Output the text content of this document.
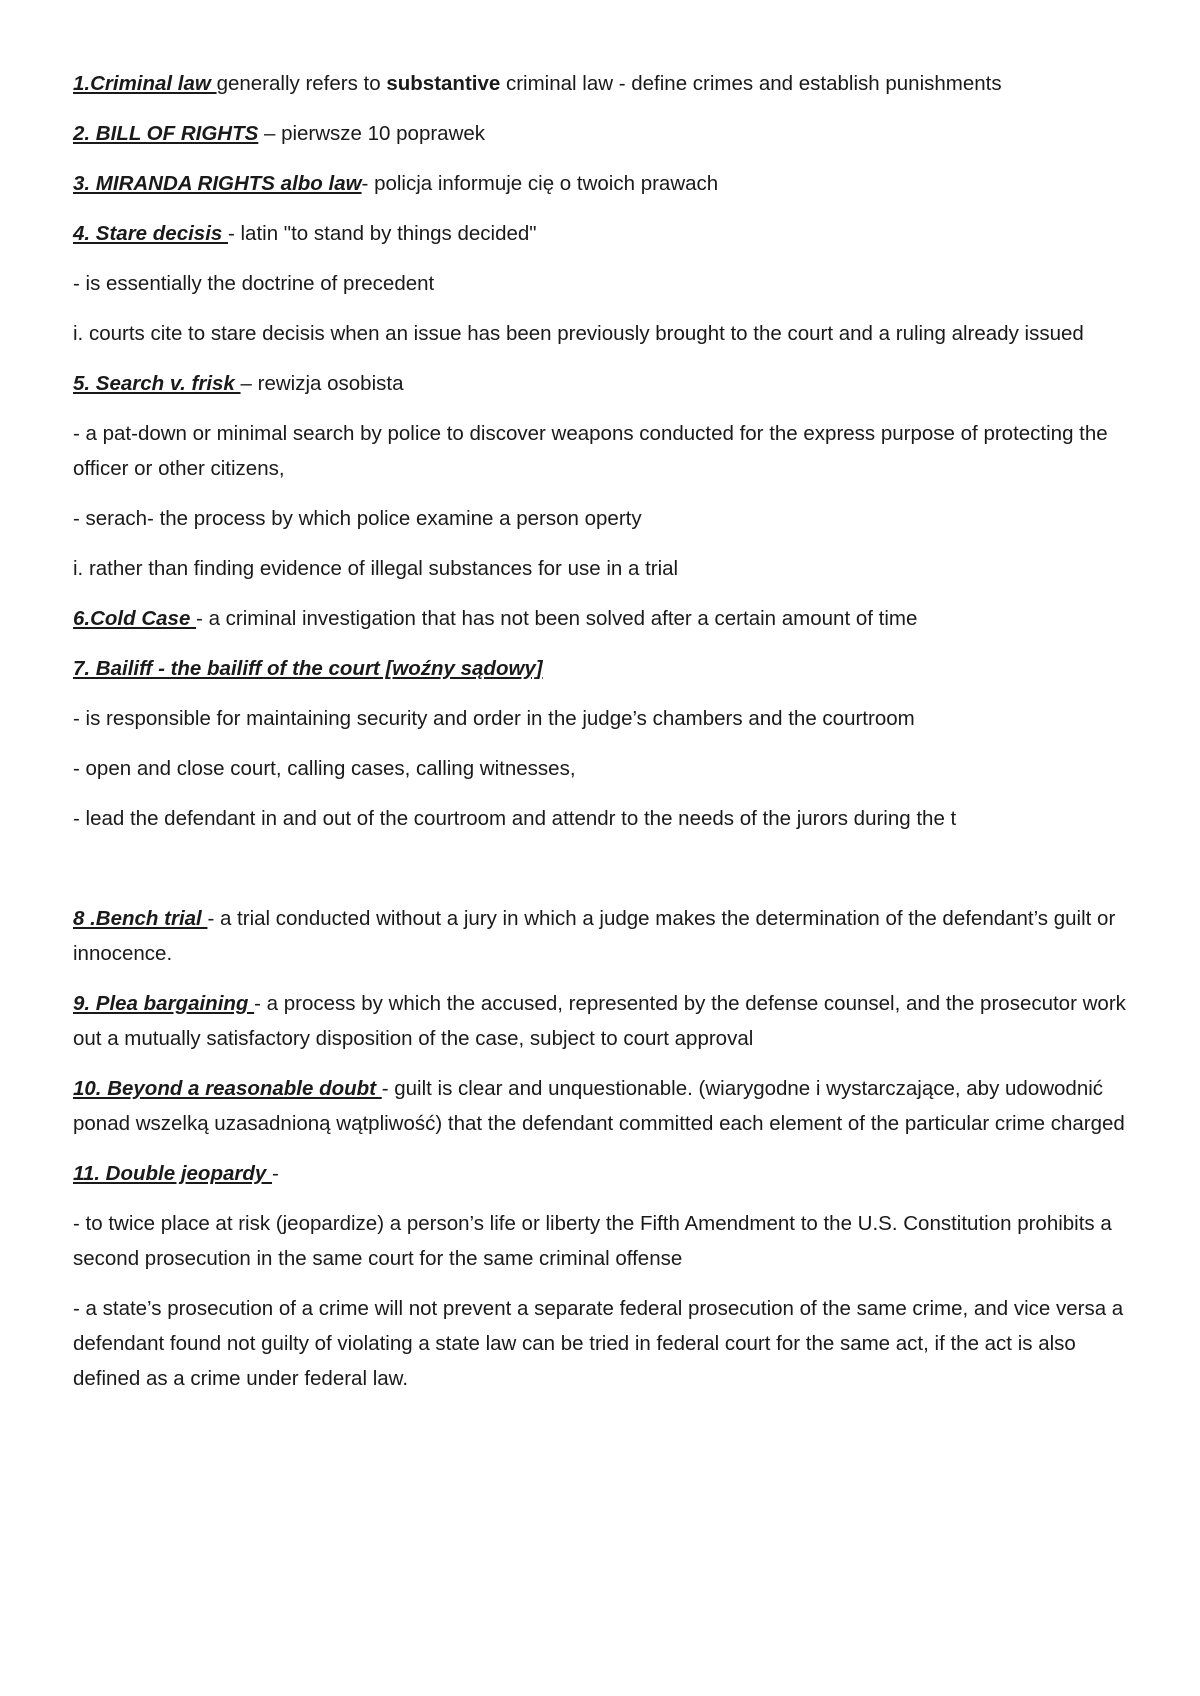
1.Criminal law generally refers to substantive criminal law - define crimes and establish punishments

2. BILL OF RIGHTS – pierwsze 10 poprawek

3. MIRANDA RIGHTS albo law- policja informuje cię o twoich prawach

4. Stare decisis - latin "to stand by things decided"

- is essentially the doctrine of precedent

i. courts cite to stare decisis when an issue has been previously brought to the court and a ruling already issued

5. Search v. frisk – rewizja osobista

- a pat-down or minimal search by police to discover weapons conducted for the express purpose of protecting the officer or other citizens,

- serach- the process by which police examine a person operty

i. rather than finding evidence of illegal substances for use in a trial

6.Cold Case - a criminal investigation that has not been solved after a certain amount of time

7. Bailiff - the bailiff of the court [woźny sądowy]

- is responsible for maintaining security and order in the judge’s chambers and the courtroom

- open and close court, calling cases, calling witnesses,

- lead the defendant in and out of the courtroom and attendr to the needs of the jurors during the t

8 .Bench trial - a trial conducted without a jury in which a judge makes the determination of the defendant’s guilt or innocence.

9. Plea bargaining - a process by which the accused, represented by the defense counsel, and the prosecutor work out a mutually satisfactory disposition of the case, subject to court approval

10. Beyond a reasonable doubt - guilt is clear and unquestionable. (wiarygodne i wystarczające, aby udowodnić ponad wszelką uzasadnioną wątpliwość) that the defendant committed each element of the particular crime charged

11. Double jeopardy -

- to twice place at risk (jeopardize) a person’s life or liberty the Fifth Amendment to the U.S. Constitution prohibits a second prosecution in the same court for the same criminal offense

- a state’s prosecution of a crime will not prevent a separate federal prosecution of the same crime, and vice versa a defendant found not guilty of violating a state law can be tried in federal court for the same act, if the act is also defined as a crime under federal law.
